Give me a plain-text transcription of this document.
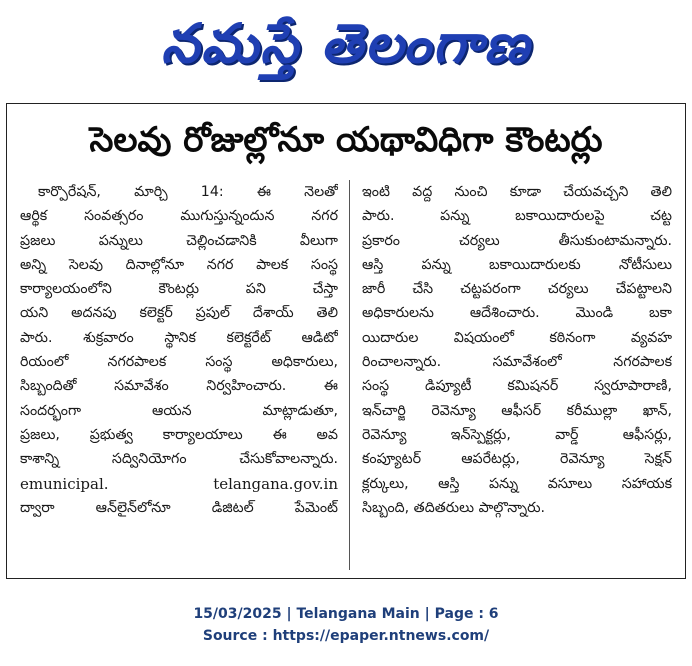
నమస్తే తెలంగాణ
సెలవు రోజుల్లోనూ యథావిధిగా కౌంటర్లు
కార్పొరేషన్, మార్చి 14: ఈ నెలతో
ఆర్థిక సంవత్సరం ముగుస్తున్నందున నగర
ప్రజలు పన్నులు చెల్లించడానికి వీలుగా
అన్ని సెలవు దినాల్లోనూ నగర పాలక సంస్థ
కార్యాలయంలోని కౌంటర్లు పని చేస్తా
యని అదనపు కలెక్టర్ ప్రపుల్ దేశాయ్ తెలి
పారు. శుక్రవారం స్థానిక కలెక్టరేట్ ఆడిటో
రియంలో నగరపాలక సంస్థ అధికారులు,
సిబ్బందితో సమావేశం నిర్వహించారు. ఈ
సందర్భంగా ఆయన మాట్లాడుతూ,
ప్రజలు, ప్రభుత్వ కార్యాలయాలు ఈ అవ
కాశాన్ని సద్వినియోగం చేసుకోవాలన్నారు.
emunicipal. telangana.gov.in
ద్వారా ఆన్‌లైన్‌లోనూ డిజిటల్ పేమెంట్
ఇంటి వద్ద నుంచి కూడా చేయవచ్చని తెలి
పారు. పన్ను బకాయిదారులపై చట్ట
ప్రకారం చర్యలు తీసుకుంటామన్నారు.
ఆస్తి పన్ను బకాయిదారులకు నోటీసులు
జారీ చేసి చట్టపరంగా చర్యలు చేపట్టాలని
అధికారులను ఆదేశించారు. మొండి బకా
యిదారుల విషయంలో కఠినంగా వ్యవహ
రించాలన్నారు. సమావేశంలో నగరపాలక
సంస్థ డిప్యూటీ కమిషనర్ స్వరూపారాణి,
ఇన్‌చార్జి రెవెన్యూ ఆఫీసర్ కరీముల్లా ఖాన్,
రెవెన్యూ ఇన్‌స్పెక్టర్లు, వార్డ్ ఆఫీసర్లు,
కంప్యూటర్ ఆపరేటర్లు, రెవెన్యూ సెక్షన్
క్లర్కులు, ఆస్తి పన్ను వసూలు సహాయక
సిబ్బంది, తదితరులు పాల్గొన్నారు.
15/03/2025 | Telangana Main | Page : 6
Source : https://epaper.ntnews.com/
